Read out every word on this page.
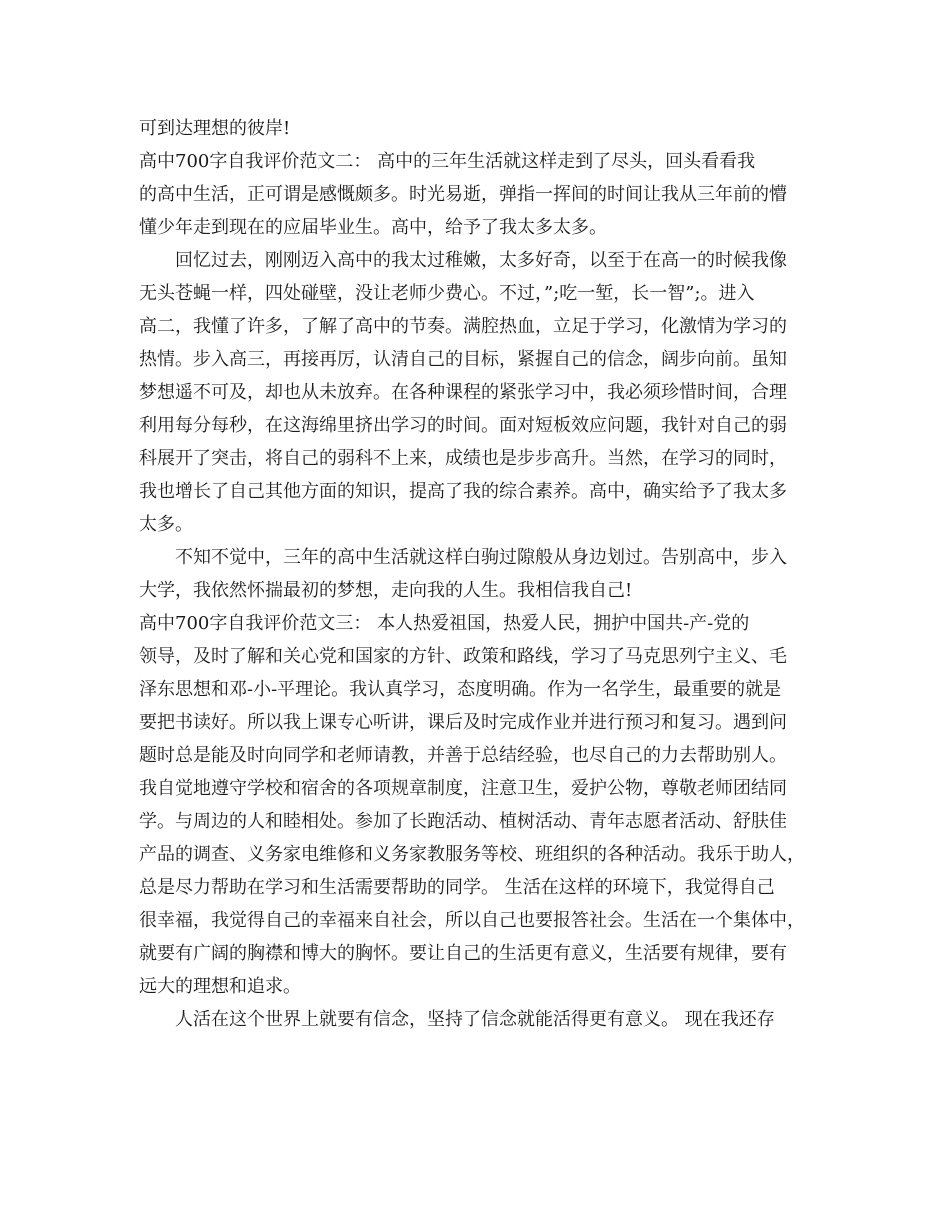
可到达理想的彼岸!
高中700字自我评价范文二： 高中的三年生活就这样走到了尽头，回头看看我
的高中生活，正可谓是感慨颇多。时光易逝，弹指一挥间的时间让我从三年前的懵
懂少年走到现在的应届毕业生。高中，给予了我太多太多。
　　回忆过去，刚刚迈入高中的我太过稚嫩，太多好奇，以至于在高一的时候我像
无头苍蝇一样，四处碰壁，没让老师少费心。不过，”;吃一堑，长一智”;。进入
高二，我懂了许多，了解了高中的节奏。满腔热血，立足于学习，化激情为学习的
热情。步入高三，再接再厉，认清自己的目标，紧握自己的信念，阔步向前。虽知
梦想遥不可及，却也从未放弃。在各种课程的紧张学习中，我必须珍惜时间，合理
利用每分每秒，在这海绵里挤出学习的时间。面对短板效应问题，我针对自己的弱
科展开了突击，将自己的弱科不上来，成绩也是步步高升。当然，在学习的同时，
我也增长了自己其他方面的知识，提高了我的综合素养。高中，确实给予了我太多
太多。
　　不知不觉中，三年的高中生活就这样白驹过隙般从身边划过。告别高中，步入
大学，我依然怀揣最初的梦想，走向我的人生。我相信我自己!
高中700字自我评价范文三： 本人热爱祖国，热爱人民，拥护中国共-产-党的
领导，及时了解和关心党和国家的方针、政策和路线，学习了马克思列宁主义、毛
泽东思想和邓-小-平理论。我认真学习，态度明确。作为一名学生，最重要的就是
要把书读好。所以我上课专心听讲，课后及时完成作业并进行预习和复习。遇到问
题时总是能及时向同学和老师请教，并善于总结经验，也尽自己的力去帮助别人。
我自觉地遵守学校和宿舍的各项规章制度，注意卫生，爱护公物，尊敬老师团结同
学。与周边的人和睦相处。参加了长跑活动、植树活动、青年志愿者活动、舒肤佳
产品的调查、义务家电维修和义务家教服务等校、班组织的各种活动。我乐于助人，
总是尽力帮助在学习和生活需要帮助的同学。 生活在这样的环境下，我觉得自己
很幸福，我觉得自己的幸福来自社会，所以自己也要报答社会。生活在一个集体中，
就要有广阔的胸襟和博大的胸怀。要让自己的生活更有意义，生活要有规律，要有
远大的理想和追求。
　　人活在这个世界上就要有信念，坚持了信念就能活得更有意义。 现在我还存
